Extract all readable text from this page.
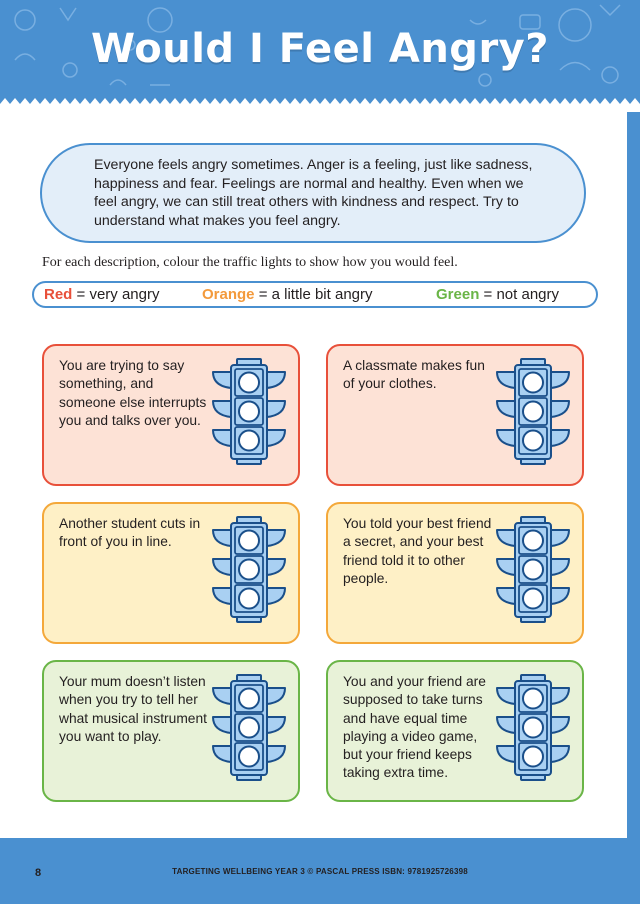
Would I Feel Angry?

Everyone feels angry sometimes. Anger is a feeling, just like sadness, happiness and fear. Feelings are normal and healthy. Even when we feel angry, we can still treat others with kindness and respect. Try to understand what makes you feel angry.

For each description, colour the traffic lights to show how you would feel.
Red = very angry	Orange = a little bit angry	Green = not angry
You are trying to say something, and someone else interrupts you and talks over you.
A classmate makes fun of your clothes.
Another student cuts in front of you in line.
You told your best friend a secret, and your best friend told it to other people.
Your mum doesn’t listen when you try to tell her what musical instrument you want to play.
You and your friend are supposed to take turns and have equal time playing a video game, but your friend keeps taking extra time.
8	TARGETING WELLBEING YEAR 3 © PASCAL PRESS ISBN: 9781925726398
